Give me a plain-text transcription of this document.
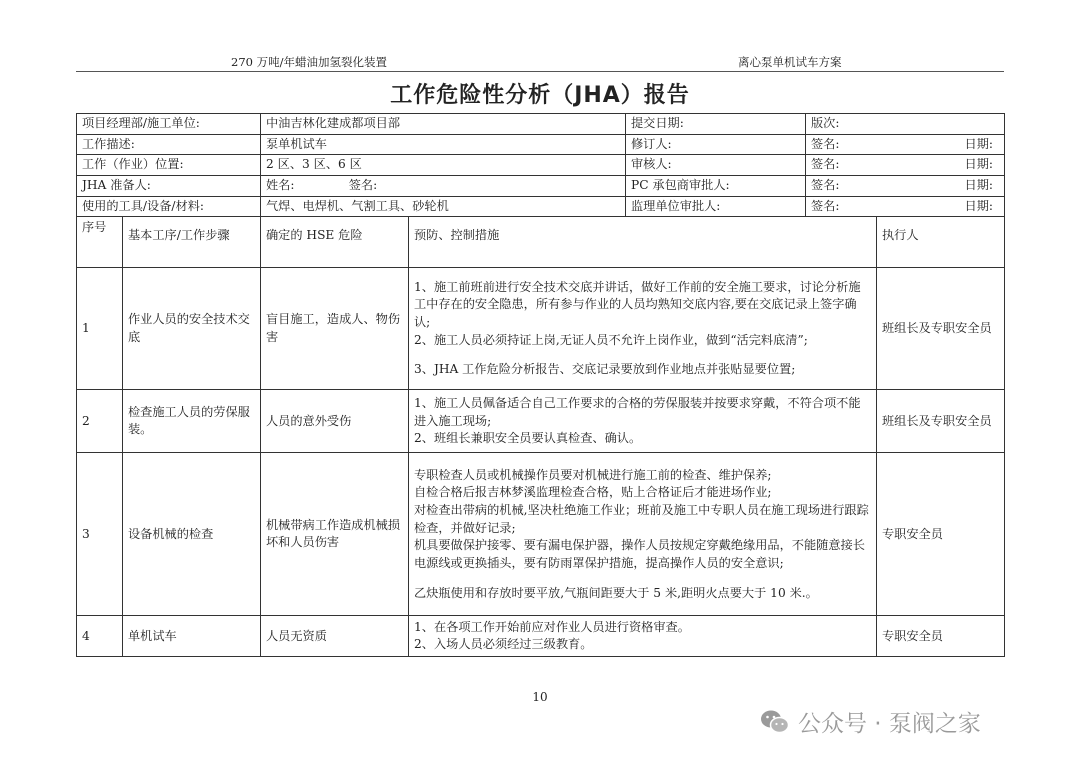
270 万吨/年蜡油加氢裂化装置	离心泵单机试车方案
工作危险性分析（JHA）报告
项目经理部/施工单位:		中油吉林化建成都项目部		提交日期:	版次:	
工作描述:		泵单机试车		修订人:	签名: 日期:	

工作（作业）位置:		2 区、3 区、6 区		审核人:	签名: 日期:	

JHA 准备人:		姓名:              签名:		PC 承包商审批人:	签名: 日期:	

使用的工具/设备/材料:		气焊、电焊机、气割工具、砂轮机		监理单位审批人:	签名: 日期:	

序号	基本工序/工作步骤	确定的 HSE 危险	预防、控制措施			执行人
1	作业人员的安全技术交底	盲目施工，造成人、物伤害	1、施工前班前进行安全技术交底并讲话，做好工作前的安全施工要求，讨论分析施工中存在的安全隐患，所有参与作业的人员均熟知交底内容,要在交底记录上签字确认;
2、施工人员必须持证上岗,无证人员不允许上岗作业，做到“活完料底清”;
3、JHA 工作危险分析报告、交底记录要放到作业地点并张贴显要位置;			班组长及专职安全员
2	检查施工人员的劳保服装。	人员的意外受伤	1、施工人员佩备适合自己工作要求的合格的劳保服装并按要求穿戴，不符合项不能进入施工现场;
2、班组长兼职安全员要认真检查、确认。			班组长及专职安全员
3	设备机械的检查	机械带病工作造成机械损坏和人员伤害	专职检查人员或机械操作员要对机械进行施工前的检查、维护保养;
自检合格后报吉林梦溪监理检查合格，贴上合格证后才能进场作业;
对检查出带病的机械,坚决杜绝施工作业；班前及施工中专职人员在施工现场进行跟踪检查，并做好记录;
机具要做保护接零、要有漏电保护器，操作人员按规定穿戴绝缘用品，不能随意接长电源线或更换插头，要有防雨罩保护措施，提高操作人员的安全意识;
乙炔瓶使用和存放时要平放,气瓶间距要大于 5 米,距明火点要大于 10 米.。			专职安全员
4	单机试车	人员无资质	1、在各项工作开始前应对作业人员进行资格审查。
2、入场人员必须经过三级教育。			专职安全员
10
公众号 · 泵阀之家
